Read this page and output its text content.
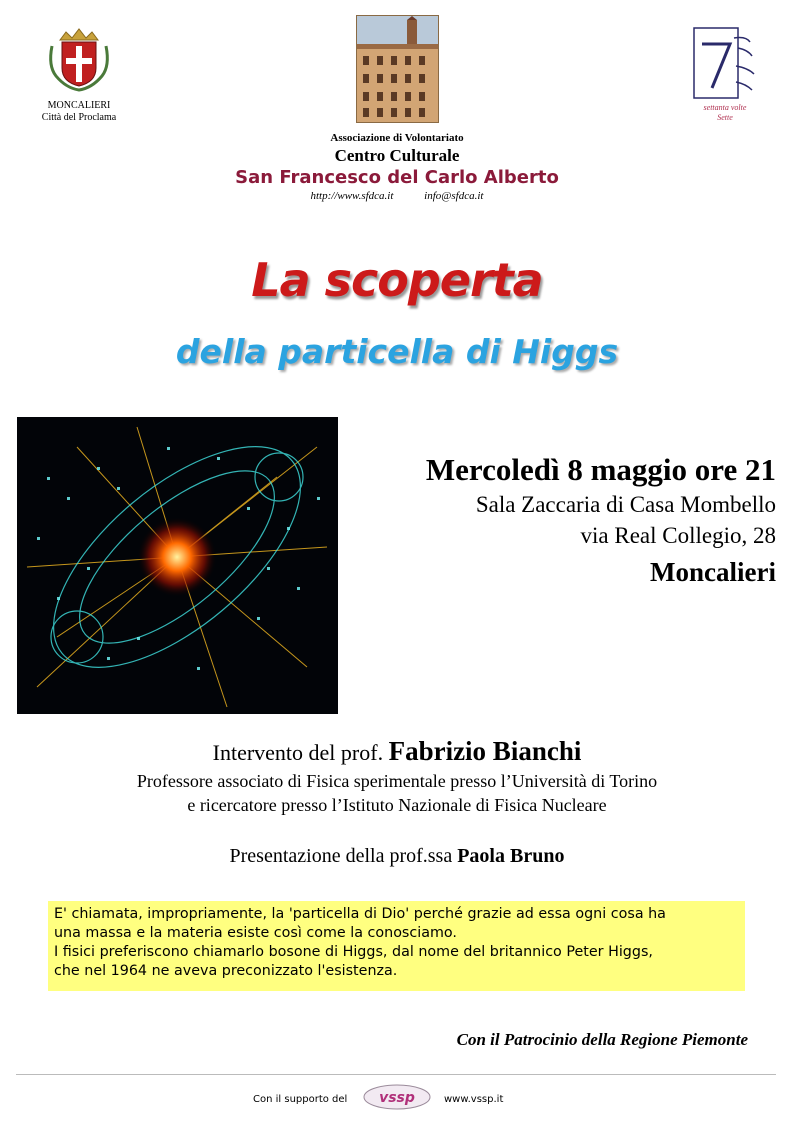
MONCALIERI
Città del Proclama
settanta volte
Sette
Associazione di Volontariato
Centro Culturale
San Francesco del Carlo Alberto
http://www.sfdca.it	info@sfdca.it
La scoperta
della particella di Higgs
Mercoledì 8 maggio ore 21
Sala Zaccaria di Casa Mombello
via Real Collegio, 28
Moncalieri
Intervento del prof. Fabrizio Bianchi
Professore associato di Fisica sperimentale presso l’Università di Torino
e ricercatore presso l’Istituto Nazionale di Fisica Nucleare
Presentazione della prof.ssa Paola Bruno
E' chiamata, impropriamente, la 'particella di Dio' perché grazie ad essa ogni cosa ha
una massa e la materia esiste così come la conosciamo.
I fisici preferiscono chiamarlo bosone di Higgs, dal nome del britannico Peter Higgs,
che nel 1964 ne aveva preconizzato l'esistenza.
Con il Patrocinio della Regione Piemonte
Con il supporto del vssp	www.vssp.it
